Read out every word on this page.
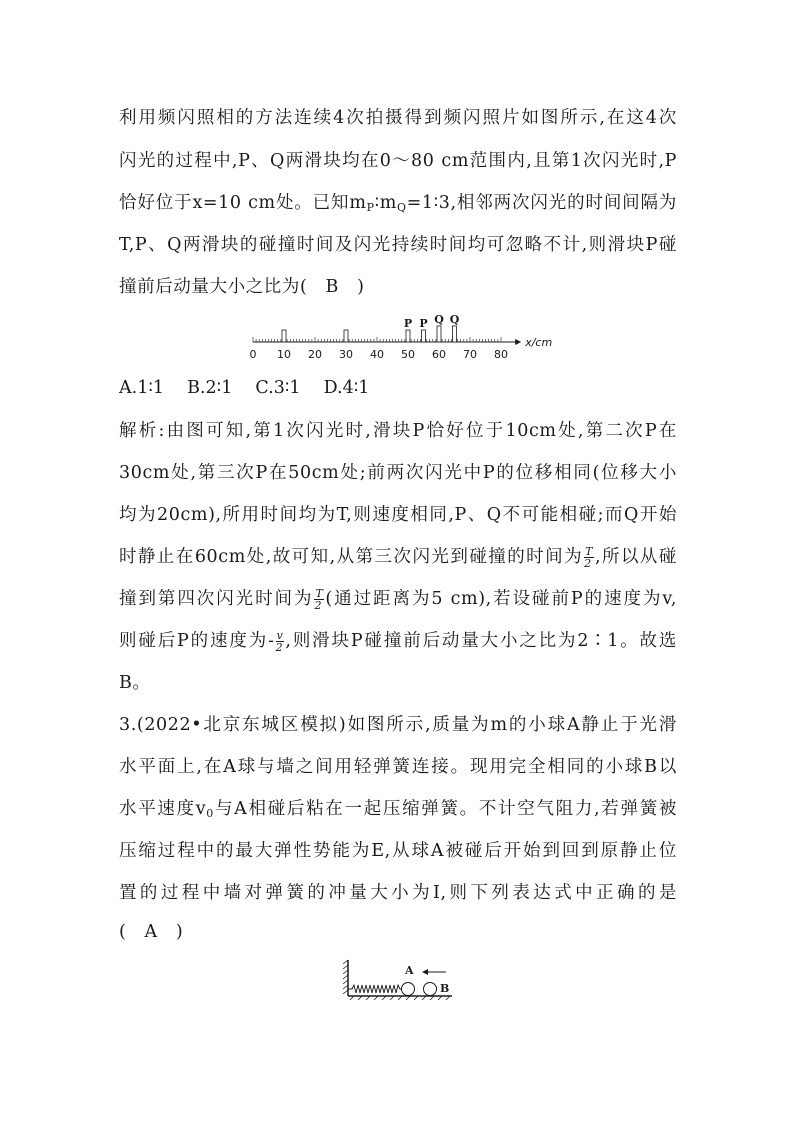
利用频闪照相的方法连续4次拍摄得到频闪照片如图所示,在这4次
闪光的过程中,P、Q两滑块均在0～80 cm范围内,且第1次闪光时,P
恰好位于x=10 cm处。已知$m_P∶m_Q=1∶3$,相邻两次闪光的时间间隔为
T,P、Q两滑块的碰撞时间及闪光持续时间均可忽略不计,则滑块P碰
撞前后动量大小之比为(　B　)
0 10 20 30 40 50 60 70 80
x/cm
P P Q Q
A.1∶1　 B.2∶1　 C.3∶1　 D.4∶1
解析:由图可知,第1次闪光时,滑块P恰好位于10cm处,第二次P在
30cm处,第三次P在50cm处;前两次闪光中P的位移相同(位移大小
均为20cm),所用时间均为T,则速度相同,P、Q不可能相碰;而Q开始
时静止在60cm处,故可知,从第三次闪光到碰撞的时间为 $\frac{T}{2}$ ,所以从碰
撞到第四次闪光时间为 $\frac{T}{2}$ (通过距离为5 cm),若设碰前P的速度为v,
则碰后P的速度为- $\frac{v}{2}$ ,则滑块P碰撞前后动量大小之比为2∶1。故选
B。
3.(2022•北京东城区模拟)如图所示,质量为m的小球A静止于光滑
水平面上,在A球与墙之间用轻弹簧连接。现用完全相同的小球B以
水平速度$v_0$与A相碰后粘在一起压缩弹簧。不计空气阻力,若弹簧被
压缩过程中的最大弹性势能为E,从球A被碰后开始到回到原静止位
置的过程中墙对弹簧的冲量大小为I,则下列表达式中正确的是
(　A　)
A
B
